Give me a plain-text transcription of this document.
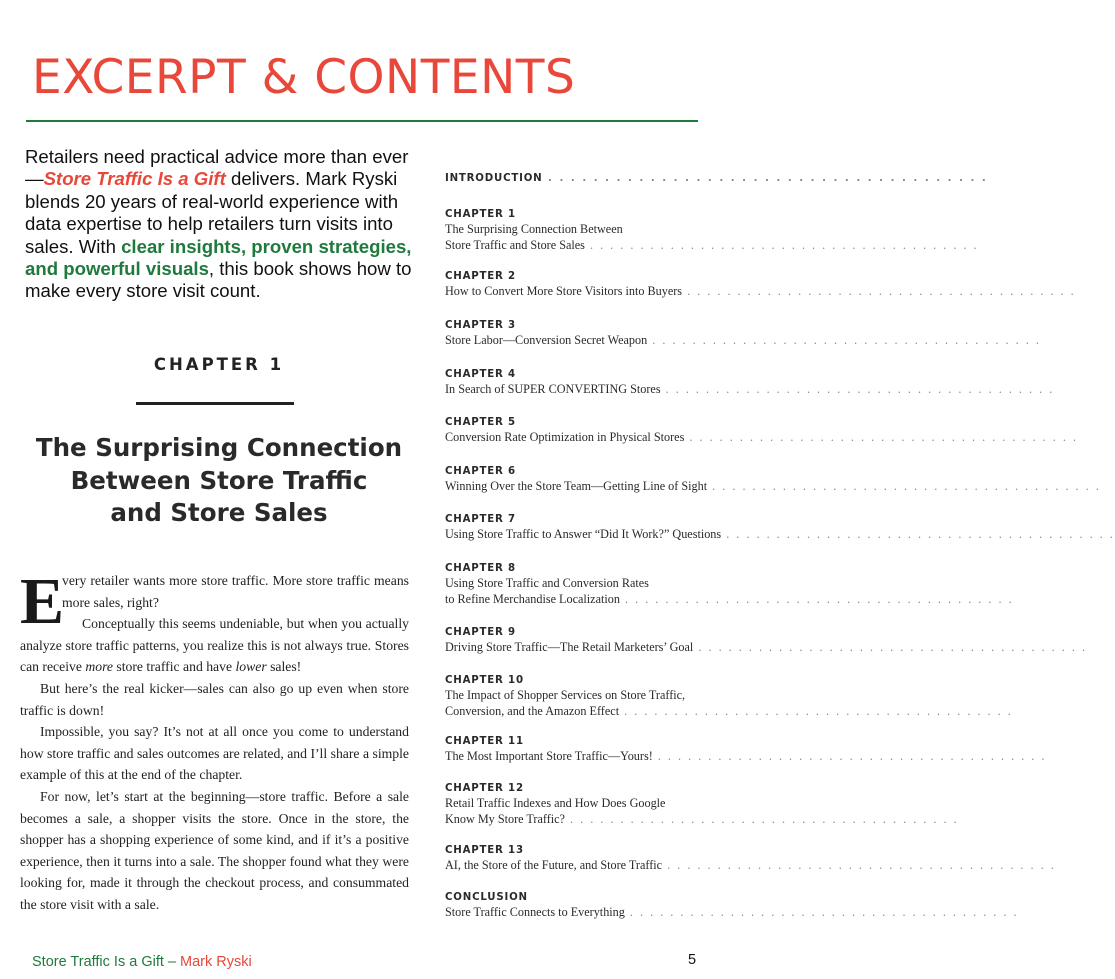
EXCERPT & CONTENTS

Retailers need practical advice more than ever—Store Traffic Is a Gift delivers. Mark Ryski blends 20 years of real-world experience with data expertise to help retailers turn visits into sales. With clear insights, proven strategies, and powerful visuals, this book shows how to make every store visit count.

CHAPTER 1
The Surprising Connection
Between Store Traffic
and Store Sales
E

very retailer wants more store traffic. More store traffic means more sales, right?

Conceptually this seems undeniable, but when you actually analyze store traffic patterns, you realize this is not always true. Stores can receive more store traffic and have lower sales!

But here’s the real kicker—sales can also go up even when store traffic is down!

Impossible, you say? It’s not at all once you come to understand how store traffic and sales outcomes are related, and I’ll share a simple example of this at the end of the chapter.

For now, let’s start at the beginning—store traffic. Before a sale becomes a sale, a shopper visits the store. Once in the store, the shopper has a shopping experience of some kind, and if it’s a positive experience, then it turns into a sale. The shopper found what they were looking for, made it through the checkout process, and consummated the store visit with a sale.

INTRODUCTION . . . . . . . . . . . . . . . . . . . . . . . . . . . . . . . . . . . . . . .
CHAPTER 1
The Surprising Connection Between
Store Traffic and Store Sales . . . . . . . . . . . . . . . . . . . . . . . . . . . . . . . . . . . . . . .
CHAPTER 2
How to Convert More Store Visitors into Buyers . . . . . . . . . . . . . . . . . . . . . . . . . . . . . . . . . . . . . . .
CHAPTER 3
Store Labor—Conversion Secret Weapon . . . . . . . . . . . . . . . . . . . . . . . . . . . . . . . . . . . . . . .
CHAPTER 4
In Search of SUPER CONVERTING Stores . . . . . . . . . . . . . . . . . . . . . . . . . . . . . . . . . . . . . . .
CHAPTER 5
Conversion Rate Optimization in Physical Stores . . . . . . . . . . . . . . . . . . . . . . . . . . . . . . . . . . . . . . .
CHAPTER 6
Winning Over the Store Team—Getting Line of Sight . . . . . . . . . . . . . . . . . . . . . . . . . . . . . . . . . . . . . . .
CHAPTER 7
Using Store Traffic to Answer “Did It Work?” Questions . . . . . . . . . . . . . . . . . . . . . . . . . . . . . . . . . . . . . . .
CHAPTER 8
Using Store Traffic and Conversion Rates
to Refine Merchandise Localization . . . . . . . . . . . . . . . . . . . . . . . . . . . . . . . . . . . . . . .
CHAPTER 9
Driving Store Traffic—The Retail Marketers’ Goal . . . . . . . . . . . . . . . . . . . . . . . . . . . . . . . . . . . . . . .
CHAPTER 10
The Impact of Shopper Services on Store Traffic,
Conversion, and the Amazon Effect . . . . . . . . . . . . . . . . . . . . . . . . . . . . . . . . . . . . . . .
CHAPTER 11
The Most Important Store Traffic—Yours! . . . . . . . . . . . . . . . . . . . . . . . . . . . . . . . . . . . . . . .
CHAPTER 12
Retail Traffic Indexes and How Does Google
Know My Store Traffic? . . . . . . . . . . . . . . . . . . . . . . . . . . . . . . . . . . . . . . .
CHAPTER 13
AI, the Store of the Future, and Store Traffic . . . . . . . . . . . . . . . . . . . . . . . . . . . . . . . . . . . . . . .
CONCLUSION
Store Traffic Connects to Everything . . . . . . . . . . . . . . . . . . . . . . . . . . . . . . . . . . . . . . .
Store Traffic Is a Gift – Mark Ryski	5
